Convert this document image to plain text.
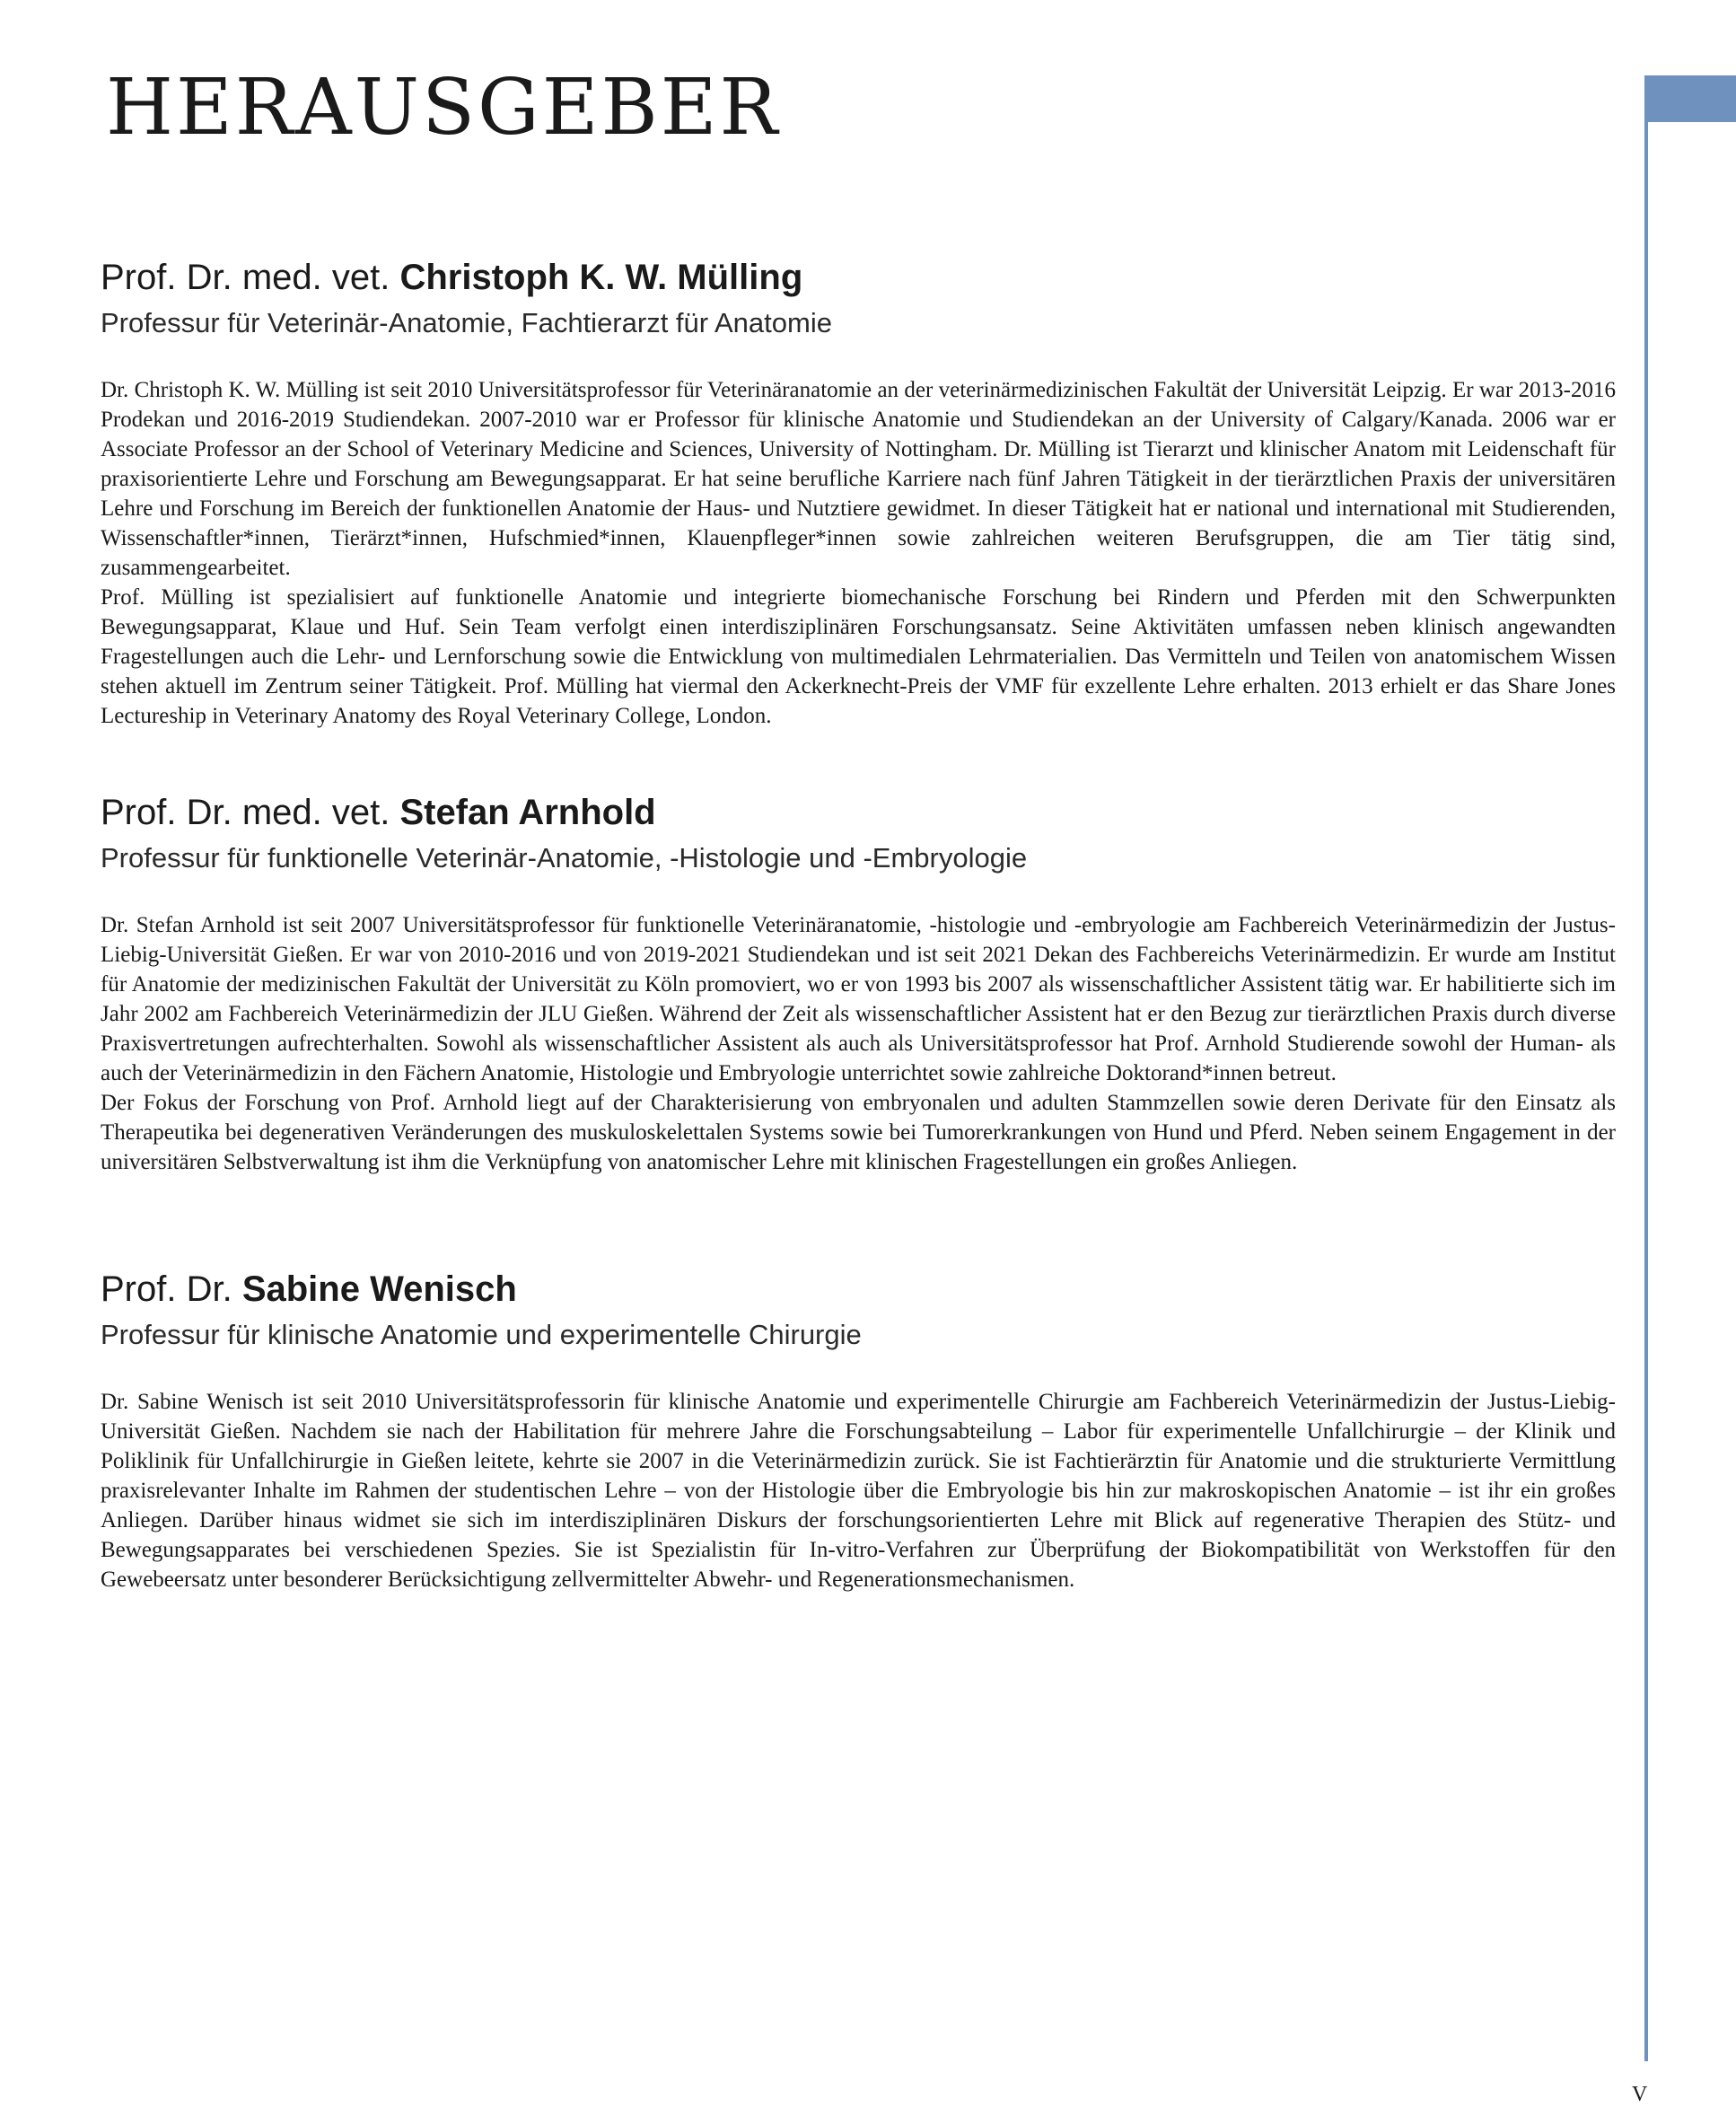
HERAUSGEBER
Prof. Dr. med. vet. Christoph K. W. Mülling

Professur für Veterinär-Anatomie, Fachtierarzt für Anatomie

Dr. Christoph K. W. Mülling ist seit 2010 Universitätsprofessor für Veterinäranatomie an der veterinärmedizinischen Fakultät der Universität Leipzig. Er war 2013-2016 Prodekan und 2016-2019 Studiendekan. 2007-2010 war er Professor für klinische Anatomie und Studiendekan an der University of Calgary/Kanada. 2006 war er Associate Professor an der School of Veterinary Medicine and Sciences, University of Nottingham. Dr. Mülling ist Tierarzt und klinischer Anatom mit Leidenschaft für praxisorientierte Lehre und Forschung am Bewegungsapparat. Er hat seine berufliche Karriere nach fünf Jahren Tätigkeit in der tierärztlichen Praxis der universitären Lehre und Forschung im Bereich der funktionellen Anatomie der Haus- und Nutztiere gewidmet. In dieser Tätigkeit hat er national und international mit Studierenden, Wissenschaftler*innen, Tierärzt*innen, Hufschmied*innen, Klauenpfleger*innen sowie zahlreichen weiteren Berufsgruppen, die am Tier tätig sind, zusammengearbeitet.

Prof. Mülling ist spezialisiert auf funktionelle Anatomie und integrierte biomechanische Forschung bei Rindern und Pferden mit den Schwerpunkten Bewegungsapparat, Klaue und Huf. Sein Team verfolgt einen interdisziplinären Forschungsansatz. Seine Aktivitäten umfassen neben klinisch angewandten Fragestellungen auch die Lehr- und Lernforschung sowie die Entwicklung von multimedialen Lehrmaterialien. Das Vermitteln und Teilen von anatomischem Wissen stehen aktuell im Zentrum seiner Tätigkeit. Prof. Mülling hat viermal den Ackerknecht-Preis der VMF für exzellente Lehre erhalten. 2013 erhielt er das Share Jones Lectureship in Veterinary Anatomy des Royal Veterinary College, London.

Prof. Dr. med. vet. Stefan Arnhold

Professur für funktionelle Veterinär-Anatomie, -Histologie und -Embryologie

Dr. Stefan Arnhold ist seit 2007 Universitätsprofessor für funktionelle Veterinäranatomie, -histologie und -embryologie am Fachbereich Veterinärmedizin der Justus-Liebig-Universität Gießen. Er war von 2010-2016 und von 2019-2021 Studiendekan und ist seit 2021 Dekan des Fachbereichs Veterinärmedizin. Er wurde am Institut für Anatomie der medizinischen Fakultät der Universität zu Köln promoviert, wo er von 1993 bis 2007 als wissenschaftlicher Assistent tätig war. Er habilitierte sich im Jahr 2002 am Fachbereich Veterinärmedizin der JLU Gießen. Während der Zeit als wissenschaftlicher Assistent hat er den Bezug zur tierärztlichen Praxis durch diverse Praxisvertretungen aufrechterhalten. Sowohl als wissenschaftlicher Assistent als auch als Universitätsprofessor hat Prof. Arnhold Studierende sowohl der Human- als auch der Veterinärmedizin in den Fächern Anatomie, Histologie und Embryologie unterrichtet sowie zahlreiche Doktorand*innen betreut.

Der Fokus der Forschung von Prof. Arnhold liegt auf der Charakterisierung von embryonalen und adulten Stammzellen sowie deren Derivate für den Einsatz als Therapeutika bei degenerativen Veränderungen des muskuloskelettalen Systems sowie bei Tumorerkrankungen von Hund und Pferd. Neben seinem Engagement in der universitären Selbstverwaltung ist ihm die Verknüpfung von anatomischer Lehre mit klinischen Fragestellungen ein großes Anliegen.

Prof. Dr. Sabine Wenisch

Professur für klinische Anatomie und experimentelle Chirurgie

Dr. Sabine Wenisch ist seit 2010 Universitätsprofessorin für klinische Anatomie und experimentelle Chirurgie am Fachbereich Veterinärmedizin der Justus-Liebig-Universität Gießen. Nachdem sie nach der Habilitation für mehrere Jahre die Forschungsabteilung – Labor für experimentelle Unfallchirurgie – der Klinik und Poliklinik für Unfallchirurgie in Gießen leitete, kehrte sie 2007 in die Veterinärmedizin zurück. Sie ist Fachtierärztin für Anatomie und die strukturierte Vermittlung praxisrelevanter Inhalte im Rahmen der studentischen Lehre – von der Histologie über die Embryologie bis hin zur makroskopischen Anatomie – ist ihr ein großes Anliegen. Darüber hinaus widmet sie sich im interdisziplinären Diskurs der forschungsorientierten Lehre mit Blick auf regenerative Therapien des Stütz- und Bewegungsapparates bei verschiedenen Spezies. Sie ist Spezialistin für In-vitro-Verfahren zur Überprüfung der Biokompatibilität von Werkstoffen für den Gewebeersatz unter besonderer Berücksichtigung zellvermittelter Abwehr- und Regenerationsmechanismen.

V
